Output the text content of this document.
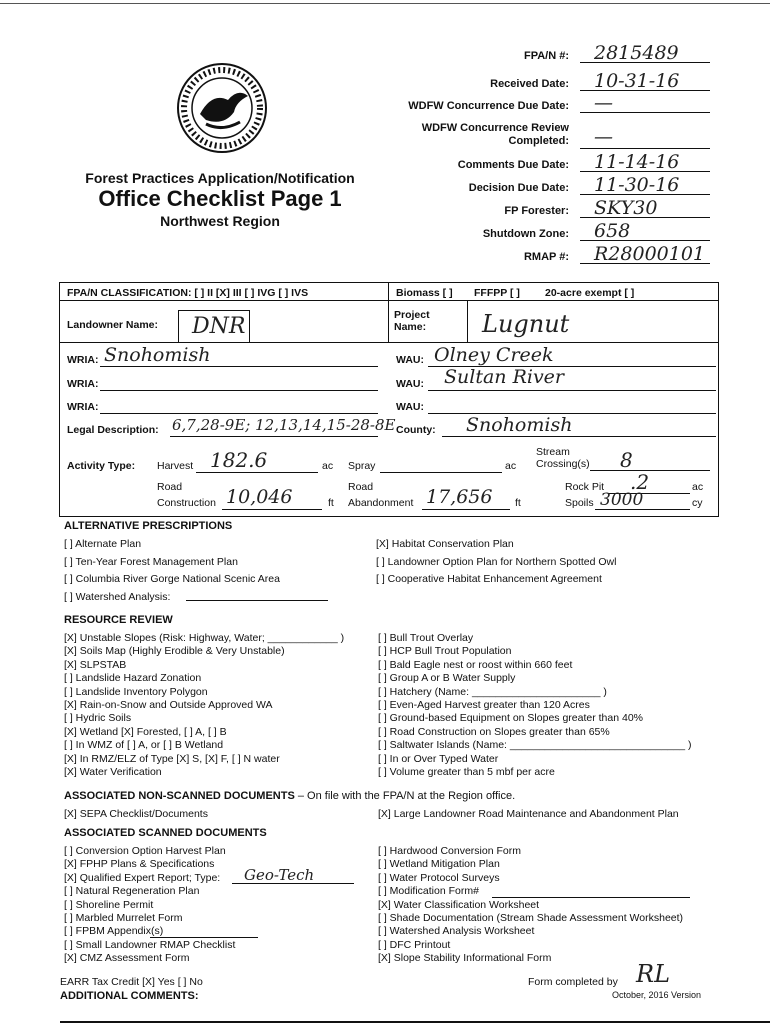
Forest Practices Application/Notification
Office Checklist Page 1
Northwest Region
FPA/N #: 2815489
Received Date: 10-31-16
WDFW Concurrence Due Date: —
WDFW Concurrence Review Completed: —
Comments Due Date: 11-14-16
Decision Due Date: 11-30-16
FP Forester: SKY30
Shutdown Zone: 658
RMAP #: R28000101
FPA/N CLASSIFICATION: [ ] II [X] III [ ] IVG [ ] IVS	Biomass [ ] FFFPP [ ] 20-acre exempt [ ]
Landowner Name: DNR	Project Name:	Lugnut
WRIA: Snohomish	WAU: Olney Creek
WRIA:	WAU: Sultan River
WRIA:	WAU:
Legal Description: 6,7,28-9E; 12,13,14,15-28-8E County: Snohomish
Activity Type: Harvest 182.6	ac Spray	ac
Stream
Crossing(s) 8
Road
Construction 10,046	ft
Road
Abandonment 17,656 ft
Rock Pit .2	ac
Spoils 3000	cy
ALTERNATIVE PRESCRIPTIONS
[ ] Alternate Plan
[ ] Ten-Year Forest Management Plan
[ ] Columbia River Gorge National Scenic Area
[ ] Watershed Analysis:
[X] Habitat Conservation Plan
[ ] Landowner Option Plan for Northern Spotted Owl
[ ] Cooperative Habitat Enhancement Agreement
RESOURCE REVIEW
[X] Unstable Slopes (Risk: Highway, Water; ____________ )
[X] Soils Map (Highly Erodible & Very Unstable)
[X] SLPSTAB
[ ] Landslide Hazard Zonation
[ ] Landslide Inventory Polygon
[X] Rain-on-Snow and Outside Approved WA
[ ] Hydric Soils
[X] Wetland [X] Forested, [ ] A, [ ] B
[ ] In WMZ of [ ] A, or [ ] B Wetland
[X] In RMZ/ELZ of Type [X] S, [X] F, [ ] N water
[X] Water Verification
[ ] Bull Trout Overlay
[ ] HCP Bull Trout Population
[ ] Bald Eagle nest or roost within 660 feet
[ ] Group A or B Water Supply
[ ] Hatchery (Name: ______________________ )
[ ] Even-Aged Harvest greater than 120 Acres
[ ] Ground-based Equipment on Slopes greater than 40%
[ ] Road Construction on Slopes greater than 65%
[ ] Saltwater Islands (Name: ______________________________ )
[ ] In or Over Typed Water
[ ] Volume greater than 5 mbf per acre
ASSOCIATED NON-SCANNED DOCUMENTS – On file with the FPA/N at the Region office.
[X] SEPA Checklist/Documents	[X] Large Landowner Road Maintenance and Abandonment Plan
ASSOCIATED SCANNED DOCUMENTS
[ ] Conversion Option Harvest Plan
[X] FPHP Plans & Specifications
[X] Qualified Expert Report; Type:
[ ] Natural Regeneration Plan
[ ] Shoreline Permit
[ ] Marbled Murrelet Form
[ ] FPBM Appendix(s)
[ ] Small Landowner RMAP Checklist
[X] CMZ Assessment Form
Geo-Tech
[ ] Hardwood Conversion Form
[ ] Wetland Mitigation Plan
[ ] Water Protocol Surveys
[ ] Modification Form#
[X] Water Classification Worksheet
[ ] Shade Documentation (Stream Shade Assessment Worksheet)
[ ] Watershed Analysis Worksheet
[ ] DFC Printout
[X] Slope Stability Informational Form
EARR Tax Credit [X] Yes [ ] No
ADDITIONAL COMMENTS:
Form completed by RL
October, 2016 Version
